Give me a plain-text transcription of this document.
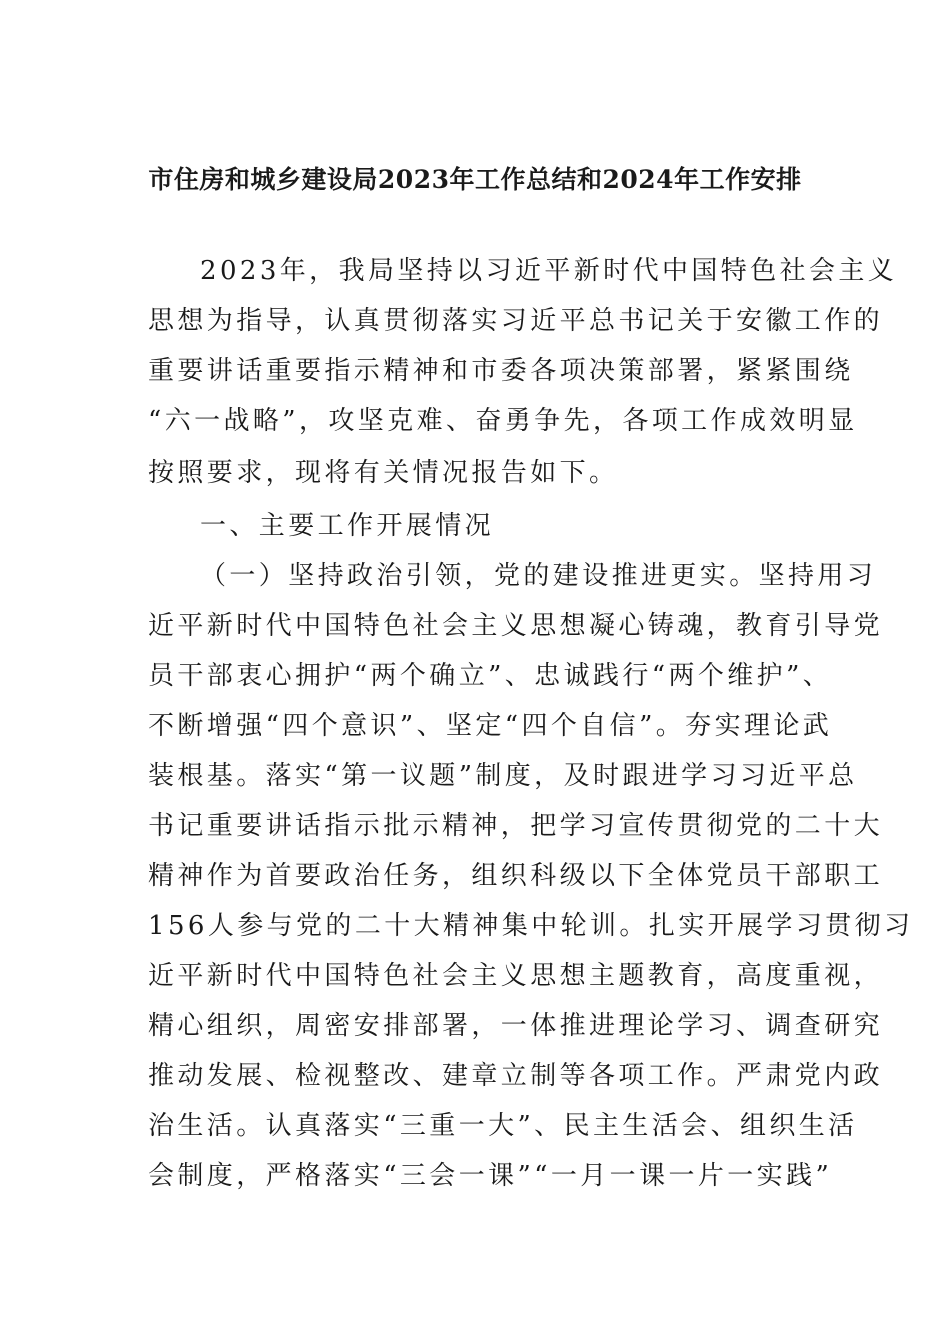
市住房和城乡建设局2023年工作总结和2024年工作安排
2023年，我局坚持以习近平新时代中国特色社会主义
思想为指导，认真贯彻落实习近平总书记关于安徽工作的
重要讲话重要指示精神和市委各项决策部署，紧紧围绕
“六一战略”，攻坚克难、奋勇争先，各项工作成效明显
按照要求，现将有关情况报告如下。
一、主要工作开展情况
（一）坚持政治引领，党的建设推进更实。坚持用习
近平新时代中国特色社会主义思想凝心铸魂，教育引导党
员干部衷心拥护“两个确立”、忠诚践行“两个维护”、
不断增强“四个意识”、坚定“四个自信”。夯实理论武
装根基。落实“第一议题”制度，及时跟进学习习近平总
书记重要讲话指示批示精神，把学习宣传贯彻党的二十大
精神作为首要政治任务，组织科级以下全体党员干部职工
156人参与党的二十大精神集中轮训。扎实开展学习贯彻习
近平新时代中国特色社会主义思想主题教育，高度重视，
精心组织，周密安排部署，一体推进理论学习、调查研究
推动发展、检视整改、建章立制等各项工作。严肃党内政
治生活。认真落实“三重一大”、民主生活会、组织生活
会制度，严格落实“三会一课”“一月一课一片一实践”
